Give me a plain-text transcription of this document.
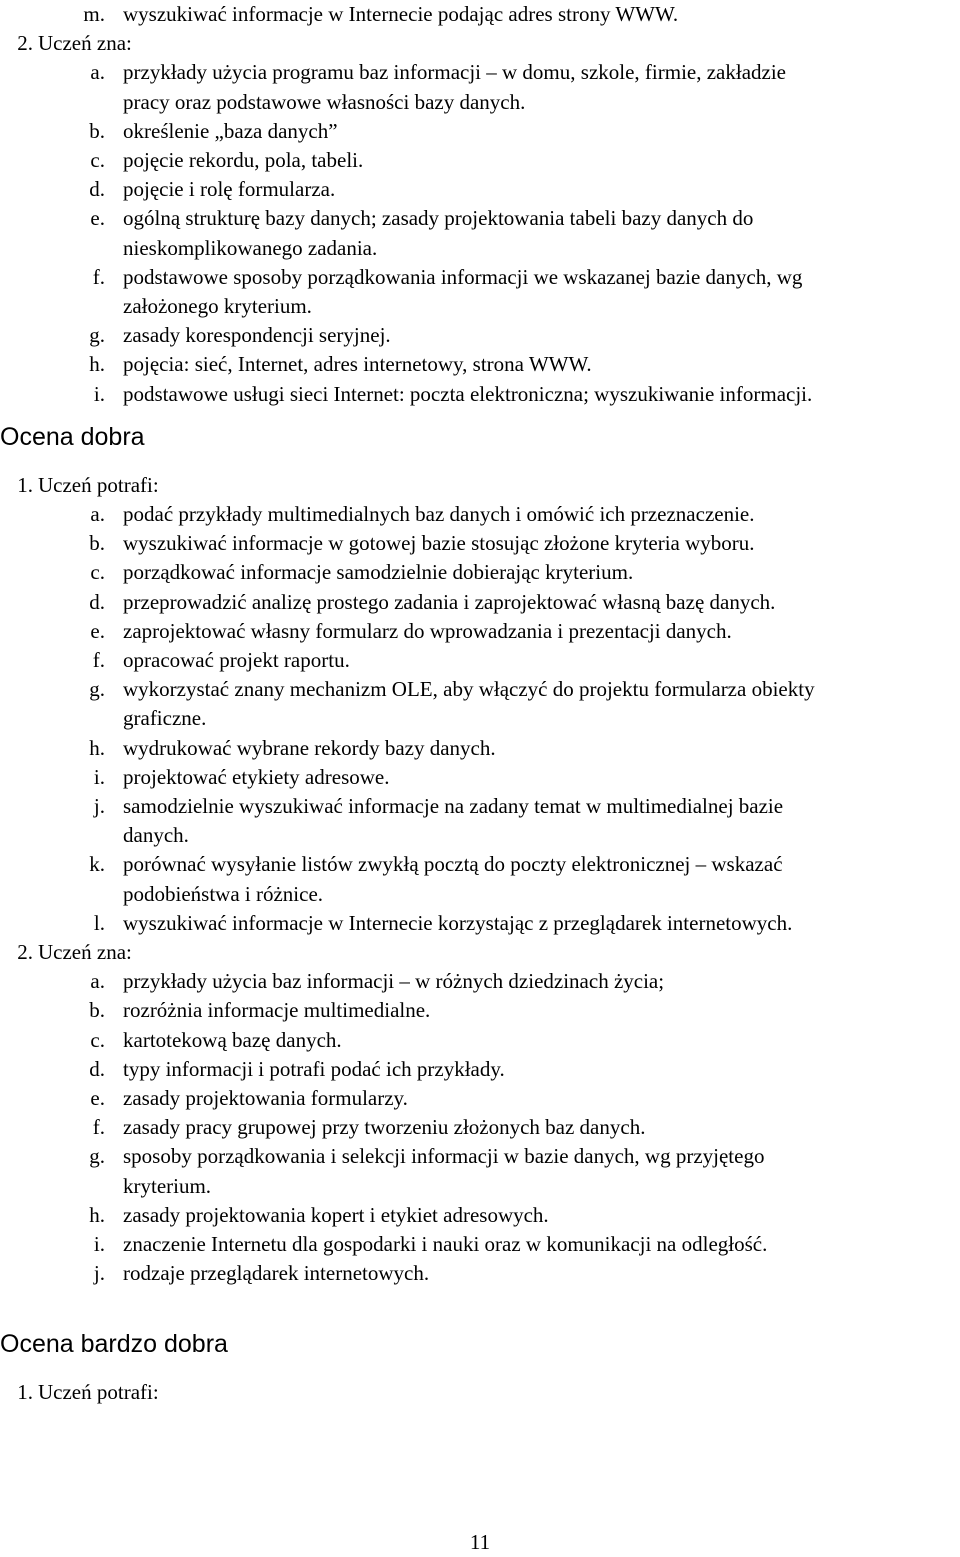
m. wyszukiwać informacje w Internecie podając adres strony WWW.
2. Uczeń zna:
a. przykłady użycia programu baz informacji – w domu, szkole, firmie, zakładzie
pracy oraz podstawowe własności bazy danych.
b. określenie „baza danych”
c. pojęcie rekordu, pola, tabeli.
d. pojęcie i rolę formularza.
e. ogólną strukturę bazy danych; zasady projektowania tabeli bazy danych do
nieskomplikowanego zadania.
f. podstawowe sposoby porządkowania informacji we wskazanej bazie danych, wg
założonego kryterium.
g. zasady korespondencji seryjnej.
h. pojęcia: sieć, Internet, adres internetowy, strona WWW.
i. podstawowe usługi sieci Internet: poczta elektroniczna; wyszukiwanie informacji.
Ocena dobra
1. Uczeń potrafi:
a. podać przykłady multimedialnych baz danych i omówić ich przeznaczenie.
b. wyszukiwać informacje w gotowej bazie stosując złożone kryteria wyboru.
c. porządkować informacje samodzielnie dobierając kryterium.
d. przeprowadzić analizę prostego zadania i zaprojektować własną bazę danych.
e. zaprojektować własny formularz do wprowadzania i prezentacji danych.
f. opracować projekt raportu.
g. wykorzystać znany mechanizm OLE, aby włączyć do projektu formularza obiekty
graficzne.
h. wydrukować wybrane rekordy bazy danych.
i. projektować etykiety adresowe.
j. samodzielnie wyszukiwać informacje na zadany temat w multimedialnej bazie
danych.
k. porównać wysyłanie listów zwykłą pocztą do poczty elektronicznej – wskazać
podobieństwa i różnice.
l. wyszukiwać informacje w Internecie korzystając z przeglądarek internetowych.
2. Uczeń zna:
a. przykłady użycia baz informacji – w różnych dziedzinach życia;
b. rozróżnia informacje multimedialne.
c. kartotekową bazę danych.
d. typy informacji i potrafi podać ich przykłady.
e. zasady projektowania formularzy.
f. zasady pracy grupowej przy tworzeniu złożonych baz danych.
g. sposoby porządkowania i selekcji informacji w bazie danych, wg przyjętego
kryterium.
h. zasady projektowania kopert i etykiet adresowych.
i. znaczenie Internetu dla gospodarki i nauki oraz w komunikacji na odległość.
j. rodzaje przeglądarek internetowych.
Ocena bardzo dobra
1. Uczeń potrafi:
11
